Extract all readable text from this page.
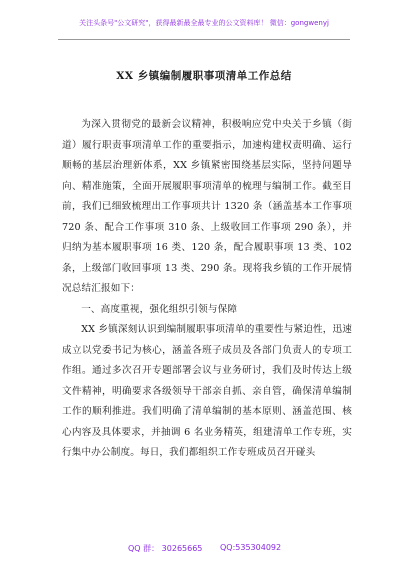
关注头条号"公文研究"，获得最新最全最专业的公文资料库！ 微信：gongwenyj
XX 乡镇编制履职事项清单工作总结

为深入贯彻党的最新会议精神，积极响应党中央关于乡镇（街道）履行职责事项清单工作的重要指示，加速构建权责明确、运行顺畅的基层治理新体系，XX 乡镇紧密围绕基层实际，坚持问题导向、精准施策，全面开展履职事项清单的梳理与编制工作。截至目前，我们已细致梳理出工作事项共计 1320 条（涵盖基本工作事项 720 条、配合工作事项 310 条、上级收回工作事项 290 条），并归纳为基本履职事项 16 类、120 条，配合履职事项 13 类、102 条，上级部门收回事项 13 类、290 条。现将我乡镇的工作开展情况总结汇报如下：

一、高度重视，强化组织引领与保障

XX 乡镇深刻认识到编制履职事项清单的重要性与紧迫性，迅速成立以党委书记为核心，涵盖各班子成员及各部门负责人的专项工作组。通过多次召开专题部署会议与业务研讨，我们及时传达上级文件精神，明确要求各级领导干部亲自抓、亲自管，确保清单编制工作的顺利推进。我们明确了清单编制的基本原则、涵盖范围、核心内容及具体要求，并抽调 6 名业务精英，组建清单工作专班，实行集中办公制度。每日，我们都组织工作专班成员召开碰头

QQ 群： 30265665 QQ:535304092
